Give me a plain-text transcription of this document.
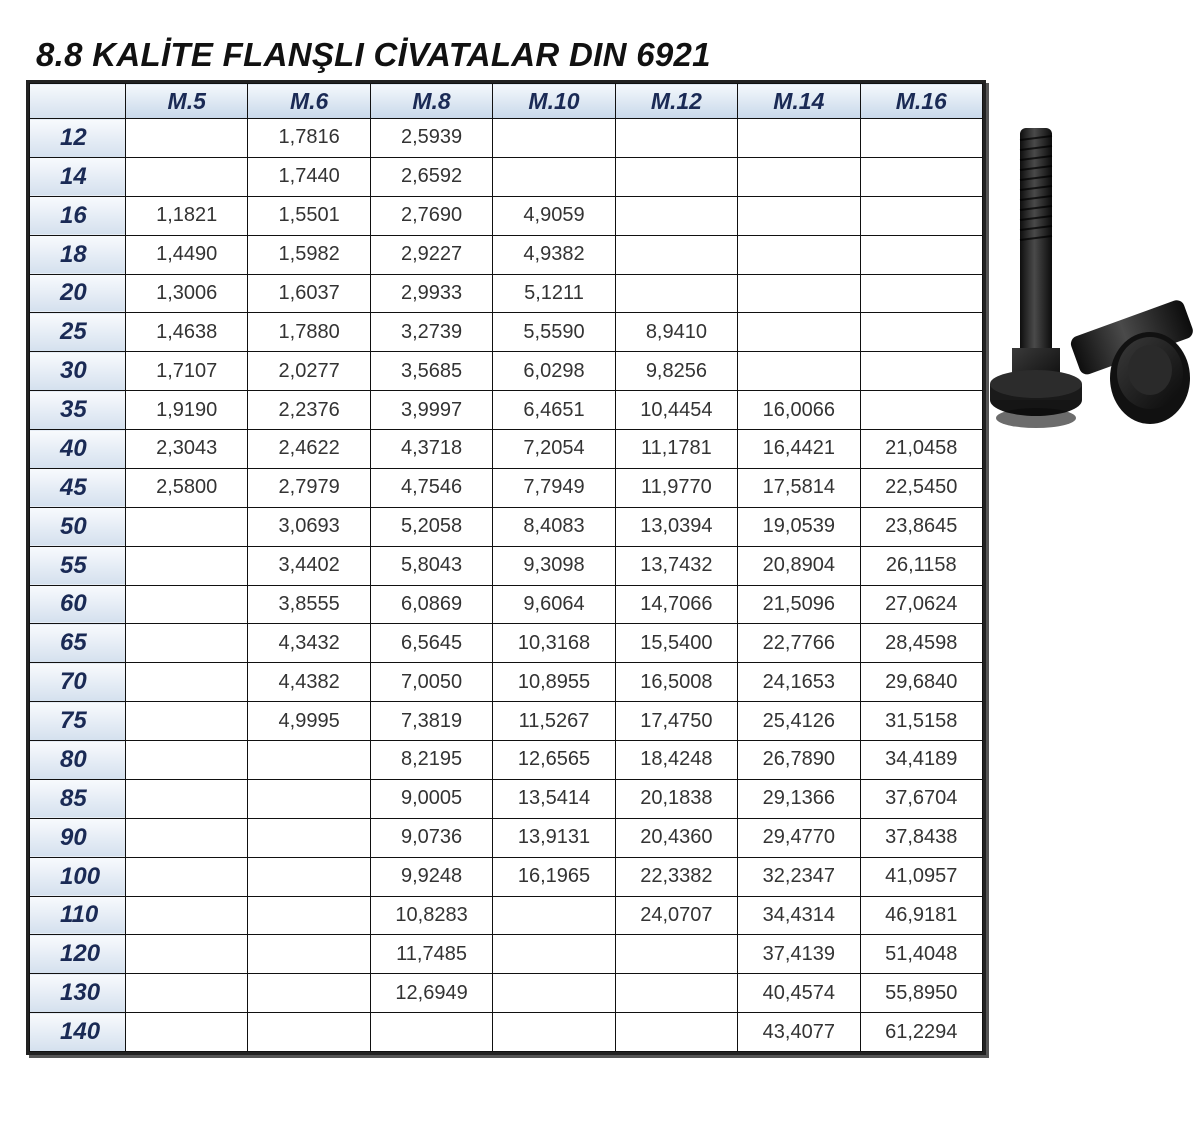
8.8 KALİTE FLANŞLI CİVATALAR DIN 6921
	M.5	M.6	M.8	M.10	M.12	M.14	M.16
12		1,7816	2,5939				
14		1,7440	2,6592				
16	1,1821	1,5501	2,7690	4,9059			
18	1,4490	1,5982	2,9227	4,9382			
20	1,3006	1,6037	2,9933	5,1211			
25	1,4638	1,7880	3,2739	5,5590	8,9410		
30	1,7107	2,0277	3,5685	6,0298	9,8256		
35	1,9190	2,2376	3,9997	6,4651	10,4454	16,0066	
40	2,3043	2,4622	4,3718	7,2054	11,1781	16,4421	21,0458
45	2,5800	2,7979	4,7546	7,7949	11,9770	17,5814	22,5450
50		3,0693	5,2058	8,4083	13,0394	19,0539	23,8645
55		3,4402	5,8043	9,3098	13,7432	20,8904	26,1158
60		3,8555	6,0869	9,6064	14,7066	21,5096	27,0624
65		4,3432	6,5645	10,3168	15,5400	22,7766	28,4598
70		4,4382	7,0050	10,8955	16,5008	24,1653	29,6840
75		4,9995	7,3819	11,5267	17,4750	25,4126	31,5158
80			8,2195	12,6565	18,4248	26,7890	34,4189
85			9,0005	13,5414	20,1838	29,1366	37,6704
90			9,0736	13,9131	20,4360	29,4770	37,8438
100			9,9248	16,1965	22,3382	32,2347	41,0957
110			10,8283		24,0707	34,4314	46,9181
120			11,7485			37,4139	51,4048
130			12,6949			40,4574	55,8950
140						43,4077	61,2294
